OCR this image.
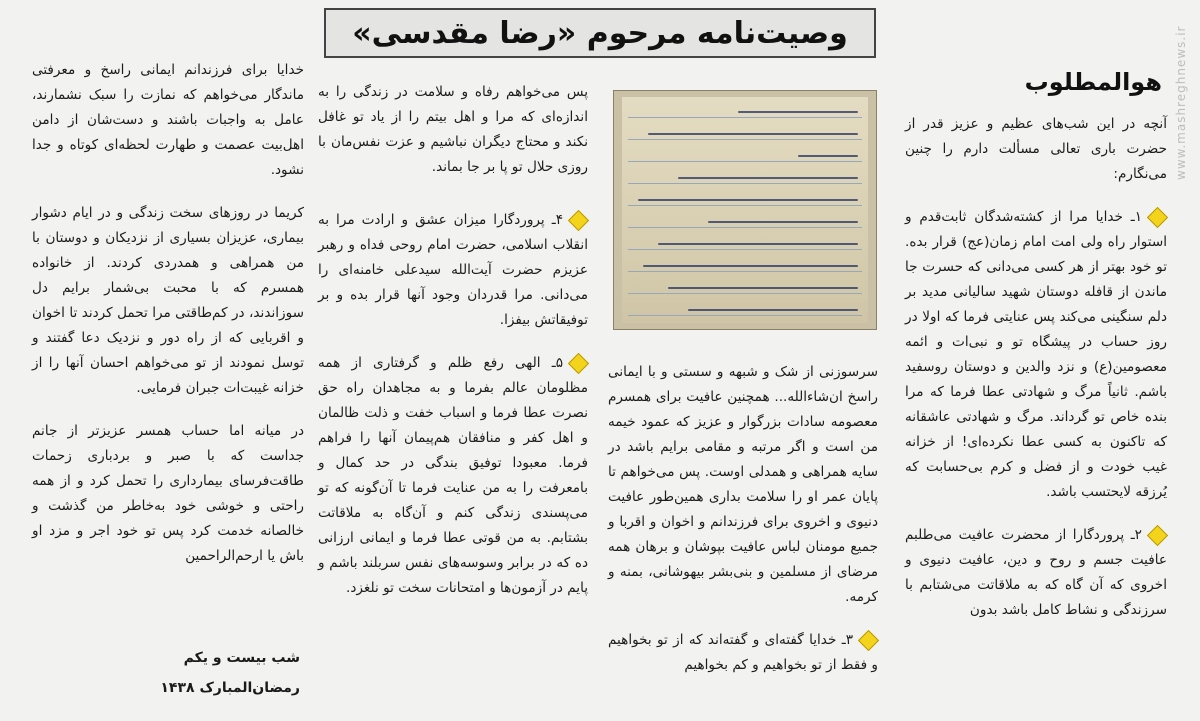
وصیت‌نامه مرحوم «رضا مقدسی»	www.mashreghnews.ir
هوالمطلوب

آنچه در این شب‌های عظیم و عزیز قدر از حضرت باری تعالی مسألت دارم را چنین می‌نگارم:

۱ـ خدایا مرا از کشته‌شدگان ثابت‌قدم و استوار راه ولی امت امام زمان(عج) قرار بده. تو خود بهتر از هر کسی می‌دانی که حسرت جا ماندن از قافله دوستان شهید سالیانی مدید بر دلم سنگینی می‌کند پس عنایتی فرما که اولا در روز حساب در پیشگاه تو و نبی‌ات و ائمه معصومین(ع) و نزد والدین و دوستان روسفید باشم. ثانیاً مرگ و شهادتی عطا فرما که مرا بنده خاص تو گرداند. مرگ و شهادتی عاشقانه که تاکنون به کسی عطا نکرده‌ای! از خزانه غیب خودت و از فضل و کرم بی‌حسابت که یُرزقه لایحتسب باشد.

۲ـ پروردگارا از محضرت عافیت می‌طلبم عافیت جسم و روح و دین، عافیت دنیوی و اخروی که آن گاه که به ملاقاتت می‌شتابم با سرزندگی و نشاط کامل باشد بدون

سرسوزنی از شک و شبهه و سستی و با ایمانی راسخ ان‌شاءالله... همچنین عافیت برای همسرم معصومه سادات بزرگوار و عزیز که عمود خیمه من است و اگر مرتبه و مقامی برایم باشد در سایه همراهی و همدلی اوست. پس می‌خواهم تا پایان عمر او را سلامت بداری همین‌طور عافیت دنیوی و اخروی برای فرزندانم و اخوان و اقربا و جمیع مومنان لباس عافیت بپوشان و برهان همه مرضای از مسلمین و بنی‌بشر بیهوشانی، بمنه و کرمه.

۳ـ خدایا گفته‌ای و گفته‌اند که از تو بخواهیم و فقط از تو بخواهیم و کم بخواهیم

پس می‌خواهم رفاه و سلامت در زندگی را به اندازه‌ای که مرا و اهل بیتم را از یاد تو غافل نکند و محتاج دیگران نباشیم و عزت نفس‌مان با روزی حلال تو پا بر جا بماند.

۴ـ پروردگارا میزان عشق و ارادت مرا به انقلاب اسلامی، حضرت امام روحی فداه و رهبر عزیزم حضرت آیت‌الله سیدعلی خامنه‌ای را می‌دانی. مرا قدردان وجود آنها قرار بده و بر توفیقاتش بیفزا.

۵ـ الهی رفع ظلم و گرفتاری از همه مظلومان عالم بفرما و به مجاهدان راه حق نصرت عطا فرما و اسباب خفت و ذلت ظالمان و اهل کفر و منافقان هم‌پیمان آنها را فراهم فرما. معبودا توفیق بندگی در حد کمال و بامعرفت را به من عنایت فرما تا آن‌گونه که تو می‌پسندی زندگی کنم و آن‌گاه به ملاقاتت بشتابم. به من قوتی عطا فرما و ایمانی ارزانی ده که در برابر وسوسه‌های نفس سربلند باشم و پایم در آزمون‌ها و امتحانات سخت تو نلغزد.

خدایا برای فرزندانم ایمانی راسخ و معرفتی ماندگار می‌خواهم که نمازت را سبک نشمارند، عامل به واجبات باشند و دست‌شان از دامن اهل‌بیت عصمت و طهارت لحظه‌ای کوتاه و جدا نشود.

کریما در روزهای سخت زندگی و در ایام دشوار بیماری، عزیزان بسیاری از نزدیکان و دوستان با من همراهی و همدردی کردند. از خانواده همسرم که با محبت بی‌شمار برایم دل سوزاندند، در کم‌طاقتی مرا تحمل کردند تا اخوان و اقربایی که از راه دور و نزدیک دعا گفتند و توسل نمودند از تو می‌خواهم احسان آنها را از خزانه غیبت‌ات جبران فرمایی.

در میانه اما حساب همسر عزیزتر از جانم جداست که با صبر و بردباری زحمات طاقت‌فرسای بیمارداری را تحمل کرد و از همه راحتی و خوشی خود به‌خاطر من گذشت و خالصانه خدمت کرد پس تو خود اجر و مزد او باش یا ارحم‌الراحمین

شب بیست و یکم
رمضان‌المبارک ۱۴۳۸
